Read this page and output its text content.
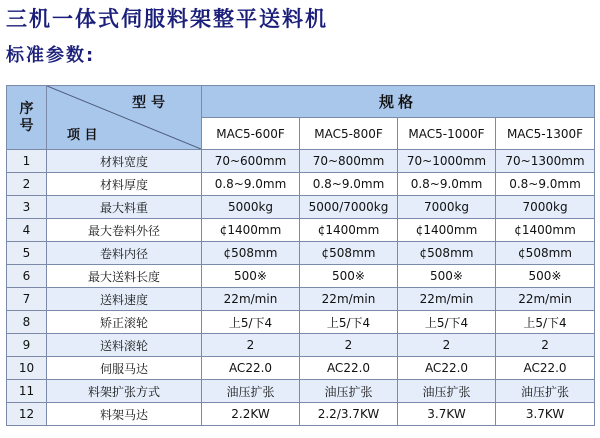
三机一体式伺服料架整平送料机
标准参数:
序号	型 号
项 目	规格			
		MAC5-600F	MAC5-800F	MAC5-1000F	MAC5-1300F
1	材料宽度	70~600mm	70~800mm	70~1000mm	70~1300mm
2	材料厚度	0.8~9.0mm	0.8~9.0mm	0.8~9.0mm	0.8~9.0mm
3	最大料重	5000kg	5000/7000kg	7000kg	7000kg
4	最大卷料外径	¢1400mm	¢1400mm	¢1400mm	¢1400mm
5	卷料内径	¢508mm	¢508mm	¢508mm	¢508mm
6	最大送料长度	500※	500※	500※	500※
7	送料速度	22m/min	22m/min	22m/min	22m/min
8	矫正滚轮	上5/下4	上5/下4	上5/下4	上5/下4
9	送料滚轮	2	2	2	2
10	伺服马达	AC22.0	AC22.0	AC22.0	AC22.0
11	料架扩张方式	油压扩张	油压扩张	油压扩张	油压扩张
12	料架马达	2.2KW	2.2/3.7KW	3.7KW	3.7KW
